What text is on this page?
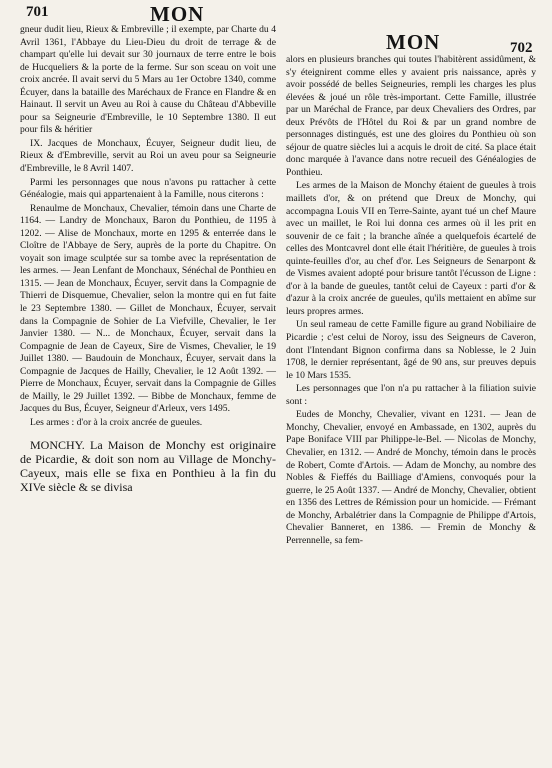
701	MON
MON	702

gneur dudit lieu, Rieux & Embreville ; il exempte, par Charte du 4 Avril 1361, l'Abbaye du Lieu-Dieu du droit de terrage & de champart qu'elle lui devait sur 30 journaux de terre entre le bois de Hucqueliers & la porte de la ferme. Sur son sceau on voit une croix ancrée. Il avait servi du 5 Mars au 1er Octobre 1340, comme Écuyer, dans la bataille des Maréchaux de France en Flandre & en Hainaut. Il servit un Aveu au Roi à cause du Château d'Abbeville pour sa Seigneurie d'Embreville, le 10 Septembre 1380. Il eut pour fils & héritier

IX. Jacques de Monchaux, Écuyer, Seigneur dudit lieu, de Rieux & d'Embreville, servit au Roi un aveu pour sa Seigneurie d'Embreville, le 8 Avril 1407.

Parmi les personnages que nous n'avons pu rattacher à cette Généalogie, mais qui appartenaient à la Famille, nous citerons :

Renaulme de Monchaux, Chevalier, témoin dans une Charte de 1164. — Landry de Monchaux, Baron du Ponthieu, de 1195 à 1202. — Alise de Monchaux, morte en 1295 & enterrée dans le Cloître de l'Abbaye de Sery, auprès de la porte du Chapitre. On voyait son image sculptée sur sa tombe avec la représentation de les armes. — Jean Lenfant de Monchaux, Sénéchal de Ponthieu en 1315. — Jean de Monchaux, Écuyer, servit dans la Compagnie de Thierri de Disquemue, Chevalier, selon la montre qui en fut faite le 23 Septembre 1380. — Gillet de Monchaux, Écuyer, servait dans la Compagnie de Sohier de La Viefville, Chevalier, le 1er Janvier 1380. — N... de Monchaux, Écuyer, servait dans la Compagnie de Jean de Cayeux, Sire de Vismes, Chevalier, le 19 Juillet 1380. — Baudouin de Monchaux, Écuyer, servait dans la Compagnie de Jacques de Hailly, Chevalier, le 12 Août 1392. — Pierre de Monchaux, Écuyer, servait dans la Compagnie de Gilles de Mailly, le 29 Juillet 1392. — Bibbe de Monchaux, femme de Jacques du Bus, Écuyer, Seigneur d'Arleux, vers 1495.

Les armes : d'or à la croix ancrée de gueules.

MONCHY. La Maison de Monchy est originaire de Picardie, & doit son nom au Village de Monchy-Cayeux, mais elle se fixa en Ponthieu à la fin du XIVe siècle & se divisa

alors en plusieurs branches qui toutes l'habitèrent assidûment, & s'y éteignirent comme elles y avaient pris naissance, après y avoir possédé de belles Seigneuries, rempli les charges les plus élevées & joué un rôle très-important. Cette Famille, illustrée par un Maréchal de France, par deux Chevaliers des Ordres, par deux Prévôts de l'Hôtel du Roi & par un grand nombre de personnages distingués, est une des gloires du Ponthieu où son séjour de quatre siècles lui a acquis le droit de cité. Sa place était donc marquée à l'avance dans notre recueil des Généalogies de Ponthieu.

Les armes de la Maison de Monchy étaient de gueules à trois maillets d'or, & on prétend que Dreux de Monchy, qui accompagna Louis VII en Terre-Sainte, ayant tué un chef Maure avec un maillet, le Roi lui donna ces armes où il les prit en souvenir de ce fait ; la branche aînée a quelquefois écartelé de celles des Montcavrel dont elle était l'héritière, de gueules à trois quinte-feuilles d'or, au chef d'or. Les Seigneurs de Senarpont & de Vismes avaient adopté pour brisure tantôt l'écusson de Ligne : d'or à la bande de gueules, tantôt celui de Cayeux : parti d'or & d'azur à la croix ancrée de gueules, qu'ils mettaient en abîme sur leurs propres armes.

Un seul rameau de cette Famille figure au grand Nobiliaire de Picardie ; c'est celui de Noroy, issu des Seigneurs de Caveron, dont l'Intendant Bignon confirma dans sa Noblesse, le 2 Juin 1708, le dernier représentant, âgé de 90 ans, sur preuves depuis le 10 Mars 1535.

Les personnages que l'on n'a pu rattacher à la filiation suivie sont :

Eudes de Monchy, Chevalier, vivant en 1231. — Jean de Monchy, Chevalier, envoyé en Ambassade, en 1302, auprès du Pape Boniface VIII par Philippe-le-Bel. — Nicolas de Monchy, Chevalier, en 1312. — André de Monchy, témoin dans le procès de Robert, Comte d'Artois. — Adam de Monchy, au nombre des Nobles & Fieffés du Bailliage d'Amiens, convoqués pour la guerre, le 25 Août 1337. — André de Monchy, Chevalier, obtient en 1356 des Lettres de Rémission pour un homicide. — Frémant de Monchy, Arbalétrier dans la Compagnie de Philippe d'Artois, Chevalier Banneret, en 1386. — Fremin de Monchy & Perrennelle, sa fem-
